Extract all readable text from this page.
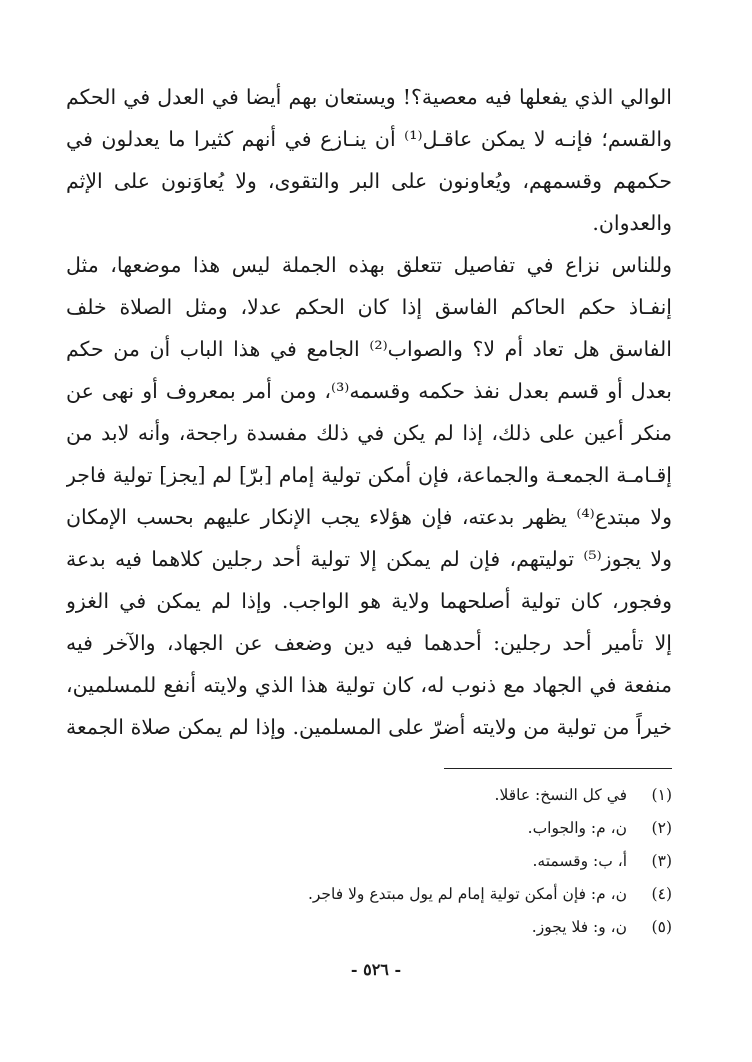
الوالي الذي يفعلها فيه معصية؟! ويستعان بهم أيضا في العدل في الحكم
والقسم؛ فإنـه لا يمكن عاقـل⁽¹⁾ أن ينـازع في أنهم كثيرا ما يعدلون في
حكمهم وقسمهم، ويُعاونون على البر والتقوى، ولا يُعاوَنون على الإثم
والعدوان.
وللناس نزاع في تفاصيل تتعلق بهذه الجملة ليس هذا موضعها، مثل
إنفـاذ حكم الحاكم الفاسق إذا كان الحكم عدلا، ومثل الصلاة خلف
الفاسق هل تعاد أم لا؟ والصواب⁽²⁾ الجامع في هذا الباب أن من حكم
بعدل أو قسم بعدل نفذ حكمه وقسمه⁽³⁾، ومن أمر بمعروف أو نهى عن
منكر أعين على ذلك، إذا لم يكن في ذلك مفسدة راجحة، وأنه لابد من
إقـامـة الجمعـة والجماعة، فإن أمكن تولية إمام [برّ] لم [يجز] تولية فاجر
ولا مبتدع⁽⁴⁾ يظهر بدعته، فإن هؤلاء يجب الإنكار عليهم بحسب الإمكان
ولا يجوز⁽⁵⁾ توليتهم، فإن لم يمكن إلا تولية أحد رجلين كلاهما فيه بدعة
وفجور، كان تولية أصلحهما ولاية هو الواجب. وإذا لم يمكن في الغزو
إلا تأمير أحد رجلين: أحدهما فيه دين وضعف عن الجهاد، والآخر فيه
منفعة في الجهاد مع ذنوب له، كان تولية هذا الذي ولايته أنفع للمسلمين،
خيراً من تولية من ولايته أضرّ على المسلمين. وإذا لم يمكن صلاة الجمعة
(١) في كل النسخ: عاقلا.
(٢) ن، م: والجواب.
(٣) أ، ب: وقسمته.
(٤) ن، م: فإن أمكن تولية إمام لم يول مبتدع ولا فاجر.
(٥) ن، و: فلا يجوز.
- ٥٢٦ -
